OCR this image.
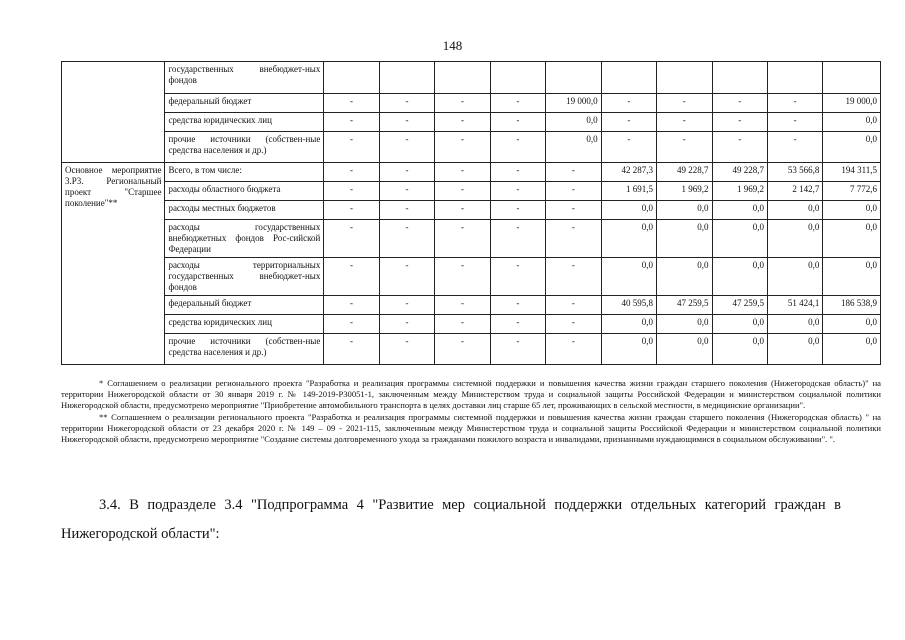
148
	государственных внебюджет-ных фондов										
	федеральный бюджет	-	-	-	-	19 000,0	-	-	-	-	19 000,0
	средства юридических лиц	-	-	-	-	0,0	-	-	-	-	0,0
	прочие источники (собствен-ные средства населения и др.)	-	-	-	-	0,0	-	-	-	-	0,0
Основное мероприятие 3.P3. Региональный проект "Старшее поколение"**	Всего, в том числе:	-	-	-	-	-	42 287,3	49 228,7	49 228,7	53 566,8	194 311,5
	расходы областного бюджета	-	-	-	-	-	1 691,5	1 969,2	1 969,2	2 142,7	7 772,6
	расходы местных бюджетов	-	-	-	-	-	0,0	0,0	0,0	0,0	0,0
	расходы государственных внебюджетных фондов Рос-сийской Федерации	-	-	-	-	-	0,0	0,0	0,0	0,0	0,0
	расходы территориальных государственных внебюджет-ных фондов	-	-	-	-	-	0,0	0,0	0,0	0,0	0,0
	федеральный бюджет	-	-	-	-	-	40 595,8	47 259,5	47 259,5	51 424,1	186 538,9
	средства юридических лиц	-	-	-	-	-	0,0	0,0	0,0	0,0	0,0
	прочие источники (собствен-ные средства населения и др.)	-	-	-	-	-	0,0	0,0	0,0	0,0	0,0

* Соглашением о реализации регионального проекта "Разработка и реализация программы системной поддержки и повышения качества жизни граждан старшего поколения (Нижегородская область)" на территории Нижегородской области от 30 января 2019 г. № 149-2019-P30051-1, заключенным между Министерством труда и социальной защиты Российской Федерации и министерством социальной политики Нижегородской области, предусмотрено мероприятие "Приобретение автомобильного транспорта в целях доставки лиц старше 65 лет, проживающих в сельской местности, в медицинские организации".

** Соглашением о реализации регионального проекта "Разработка и реализация программы системной поддержки и повышения качества жизни граждан старшего поколения (Нижегородская область) " на территории Нижегородской области от 23 декабря 2020 г. № 149 – 09 - 2021-115, заключенным между Министерством труда и социальной защиты Российской Федерации и министерством социальной политики Нижегородской области, предусмотрено мероприятие "Создание системы долговременного ухода за гражданами пожилого возраста и инвалидами, признанными нуждающимися в социальном обслуживании". ".

3.4. В подразделе 3.4 "Подпрограмма 4 "Развитие мер социальной поддержки отдельных категорий граждан в Нижегородской области":
